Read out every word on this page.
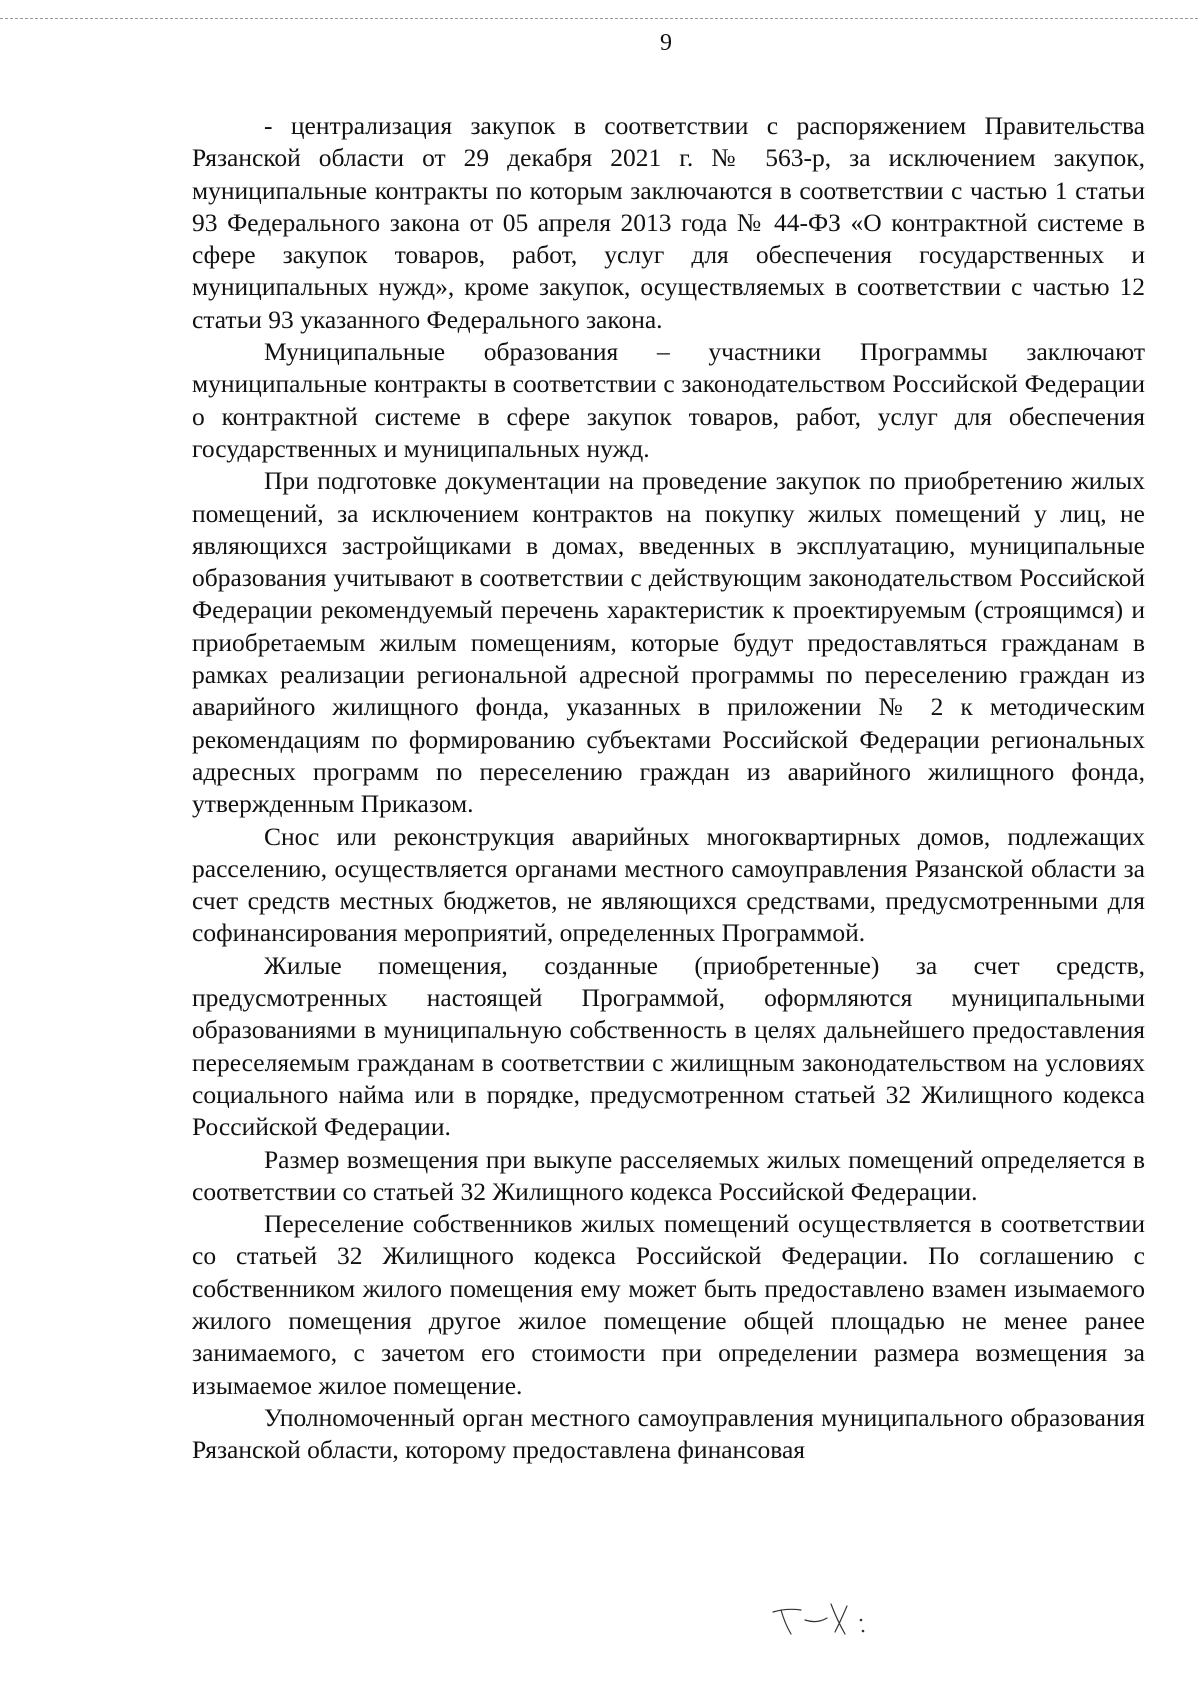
9

- централизация закупок в соответствии с распоряжением Правительства Рязанской области от 29 декабря 2021 г. № 563-р, за исключением закупок, муниципальные контракты по которым заключаются в соответствии с частью 1 статьи 93 Федерального закона от 05 апреля 2013 года № 44-ФЗ «О контрактной системе в сфере закупок товаров, работ, услуг для обеспечения государственных и муниципальных нужд», кроме закупок, осуществляемых в соответствии с частью 12 статьи 93 указанного Федерального закона.

Муниципальные образования – участники Программы заключают муниципальные контракты в соответствии с законодательством Российской Федерации о контрактной системе в сфере закупок товаров, работ, услуг для обеспечения государственных и муниципальных нужд.

При подготовке документации на проведение закупок по приобретению жилых помещений, за исключением контрактов на покупку жилых помещений у лиц, не являющихся застройщиками в домах, введенных в эксплуатацию, муниципальные образования учитывают в соответствии с действующим законодательством Российской Федерации рекомендуемый перечень характеристик к проектируемым (строящимся) и приобретаемым жилым помещениям, которые будут предоставляться гражданам в рамках реализации региональной адресной программы по переселению граждан из аварийного жилищного фонда, указанных в приложении № 2 к методическим рекомендациям по формированию субъектами Российской Федерации региональных адресных программ по переселению граждан из аварийного жилищного фонда, утвержденным Приказом.

Снос или реконструкция аварийных многоквартирных домов, подлежащих расселению, осуществляется органами местного самоуправления Рязанской области за счет средств местных бюджетов, не являющихся средствами, предусмотренными для софинансирования мероприятий, определенных Программой.

Жилые помещения, созданные (приобретенные) за счет средств, предусмотренных настоящей Программой, оформляются муниципальными образованиями в муниципальную собственность в целях дальнейшего предоставления переселяемым гражданам в соответствии с жилищным законодательством на условиях социального найма или в порядке, предусмотренном статьей 32 Жилищного кодекса Российской Федерации.

Размер возмещения при выкупе расселяемых жилых помещений определяется в соответствии со статьей 32 Жилищного кодекса Российской Федерации.

Переселение собственников жилых помещений осуществляется в соответствии со статьей 32 Жилищного кодекса Российской Федерации. По соглашению с собственником жилого помещения ему может быть предоставлено взамен изымаемого жилого помещения другое жилое помещение общей площадью не менее ранее занимаемого, с зачетом его стоимости при определении размера возмещения за изымаемое жилое помещение.

Уполномоченный орган местного самоуправления муниципального образования Рязанской области, которому предоставлена финансовая
